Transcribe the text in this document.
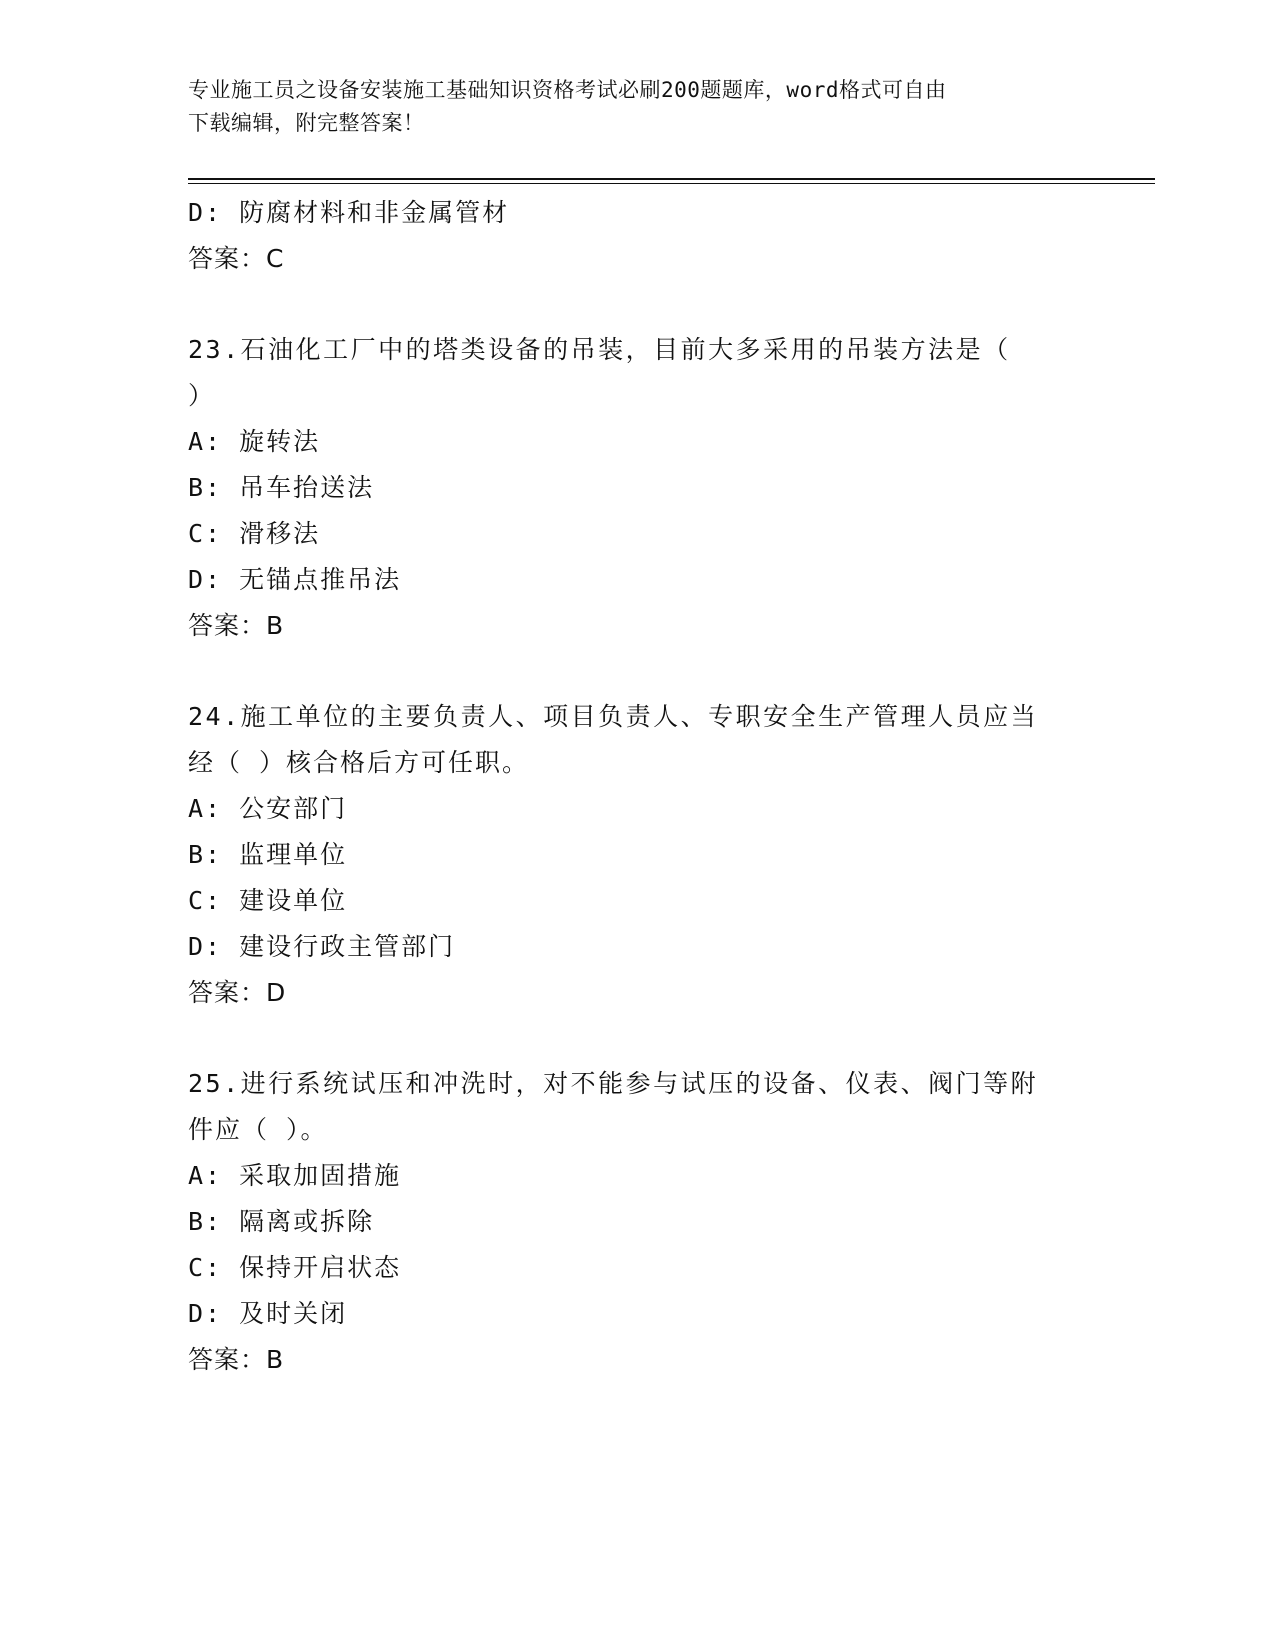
专业施工员之设备安装施工基础知识资格考试必刷200题题库，word格式可自由
下载编辑，附完整答案！
D: 防腐材料和非金属管材
答案：C
23.石油化工厂中的塔类设备的吊装，目前大多采用的吊装方法是（
）
A: 旋转法
B: 吊车抬送法
C: 滑移法
D: 无锚点推吊法
答案：B
24.施工单位的主要负责人、项目负责人、专职安全生产管理人员应当
经（ ）核合格后方可任职。
A: 公安部门
B: 监理单位
C: 建设单位
D: 建设行政主管部门
答案：D
25.进行系统试压和冲洗时，对不能参与试压的设备、仪表、阀门等附
件应（ ）。
A: 采取加固措施
B: 隔离或拆除
C: 保持开启状态
D: 及时关闭
答案：B
